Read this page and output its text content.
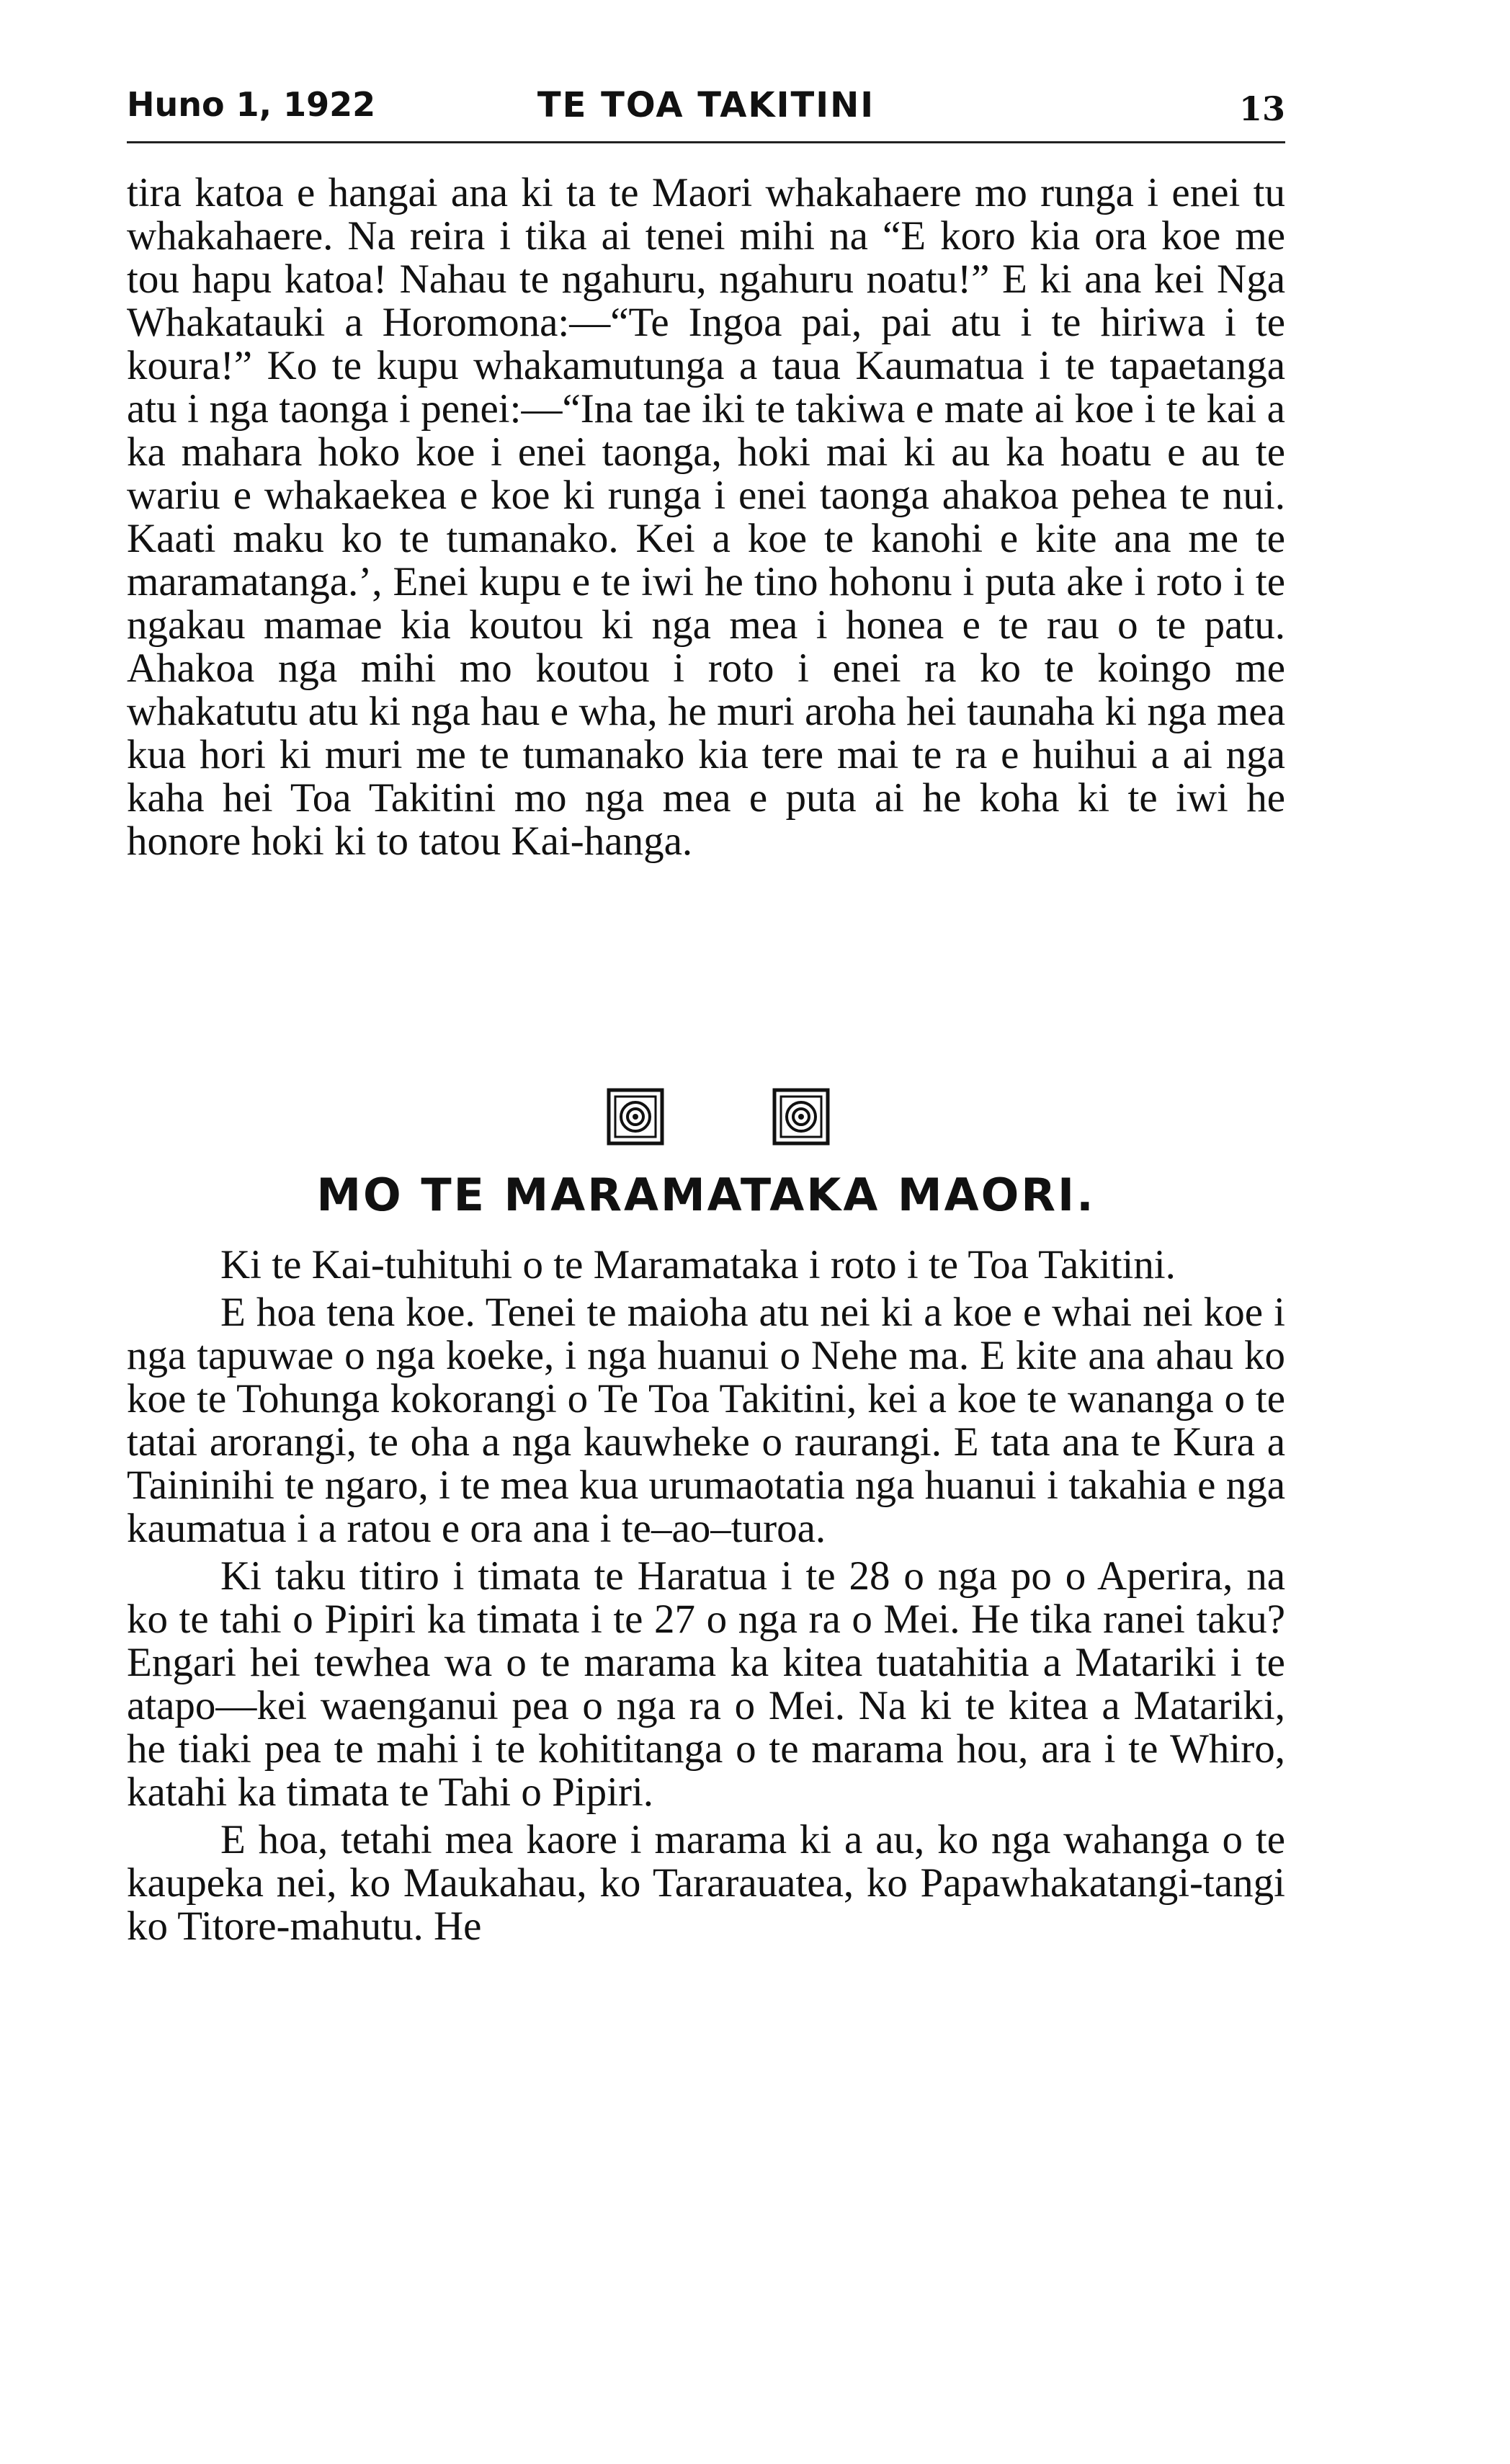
Huno 1, 1922	TE TOA TAKITINI	13

tira katoa e hangai ana ki ta te Maori whakahaere mo runga i enei tu whakahaere. Na reira i tika ai tenei mihi na “E koro kia ora koe me tou hapu katoa! Nahau te ngahuru, ngahuru noatu!” E ki ana kei Nga Whakatauki a Horomona:—“Te Ingoa pai, pai atu i te hiriwa i te koura!” Ko te kupu whakamutunga a taua Kaumatua i te tapaetanga atu i nga taonga i penei:—“Ina tae iki te takiwa e mate ai koe i te kai a ka mahara hoko koe i enei taonga, hoki mai ki au ka hoatu e au te wariu e whakaekea e koe ki runga i enei taonga ahakoa pehea te nui. Kaati maku ko te tumanako. Kei a koe te kanohi e kite ana me te maramatanga.’, Enei kupu e te iwi he tino hohonu i puta ake i roto i te ngakau mamae kia koutou ki nga mea i honea e te rau o te patu. Ahakoa nga mihi mo koutou i roto i enei ra ko te koingo me whakatutu atu ki nga hau e wha, he muri aroha hei taunaha ki nga mea kua hori ki muri me te tumanako kia tere mai te ra e huihui a ai nga kaha hei Toa Takitini mo nga mea e puta ai he koha ki te iwi he honore hoki ki to tatou Kai-hanga.

MO TE MARAMATAKA MAORI.

Ki te Kai-tuhituhi o te Maramataka i roto i te Toa Takitini.

E hoa tena koe. Tenei te maioha atu nei ki a koe e whai nei koe i nga tapuwae o nga koeke, i nga huanui o Nehe ma. E kite ana ahau ko koe te Tohunga kokorangi o Te Toa Takitini, kei a koe te wananga o te tatai arorangi, te oha a nga kauwheke o raurangi. E tata ana te Kura a Taininihi te ngaro, i te mea kua urumaotatia nga huanui i takahia e nga kaumatua i a ratou e ora ana i te–ao–turoa.

Ki taku titiro i timata te Haratua i te 28 o nga po o Aperira, na ko te tahi o Pipiri ka timata i te 27 o nga ra o Mei. He tika ranei taku? Engari hei tewhea wa o te marama ka kitea tuatahitia a Matariki i te atapo—kei waenganui pea o nga ra o Mei. Na ki te kitea a Matariki, he tiaki pea te mahi i te kohititanga o te marama hou, ara i te Whiro, katahi ka timata te Tahi o Pipiri.

E hoa, tetahi mea kaore i marama ki a au, ko nga wahanga o te kaupeka nei, ko Maukahau, ko Tararauatea, ko Papawhakatangi-tangi ko Titore-mahutu. He
